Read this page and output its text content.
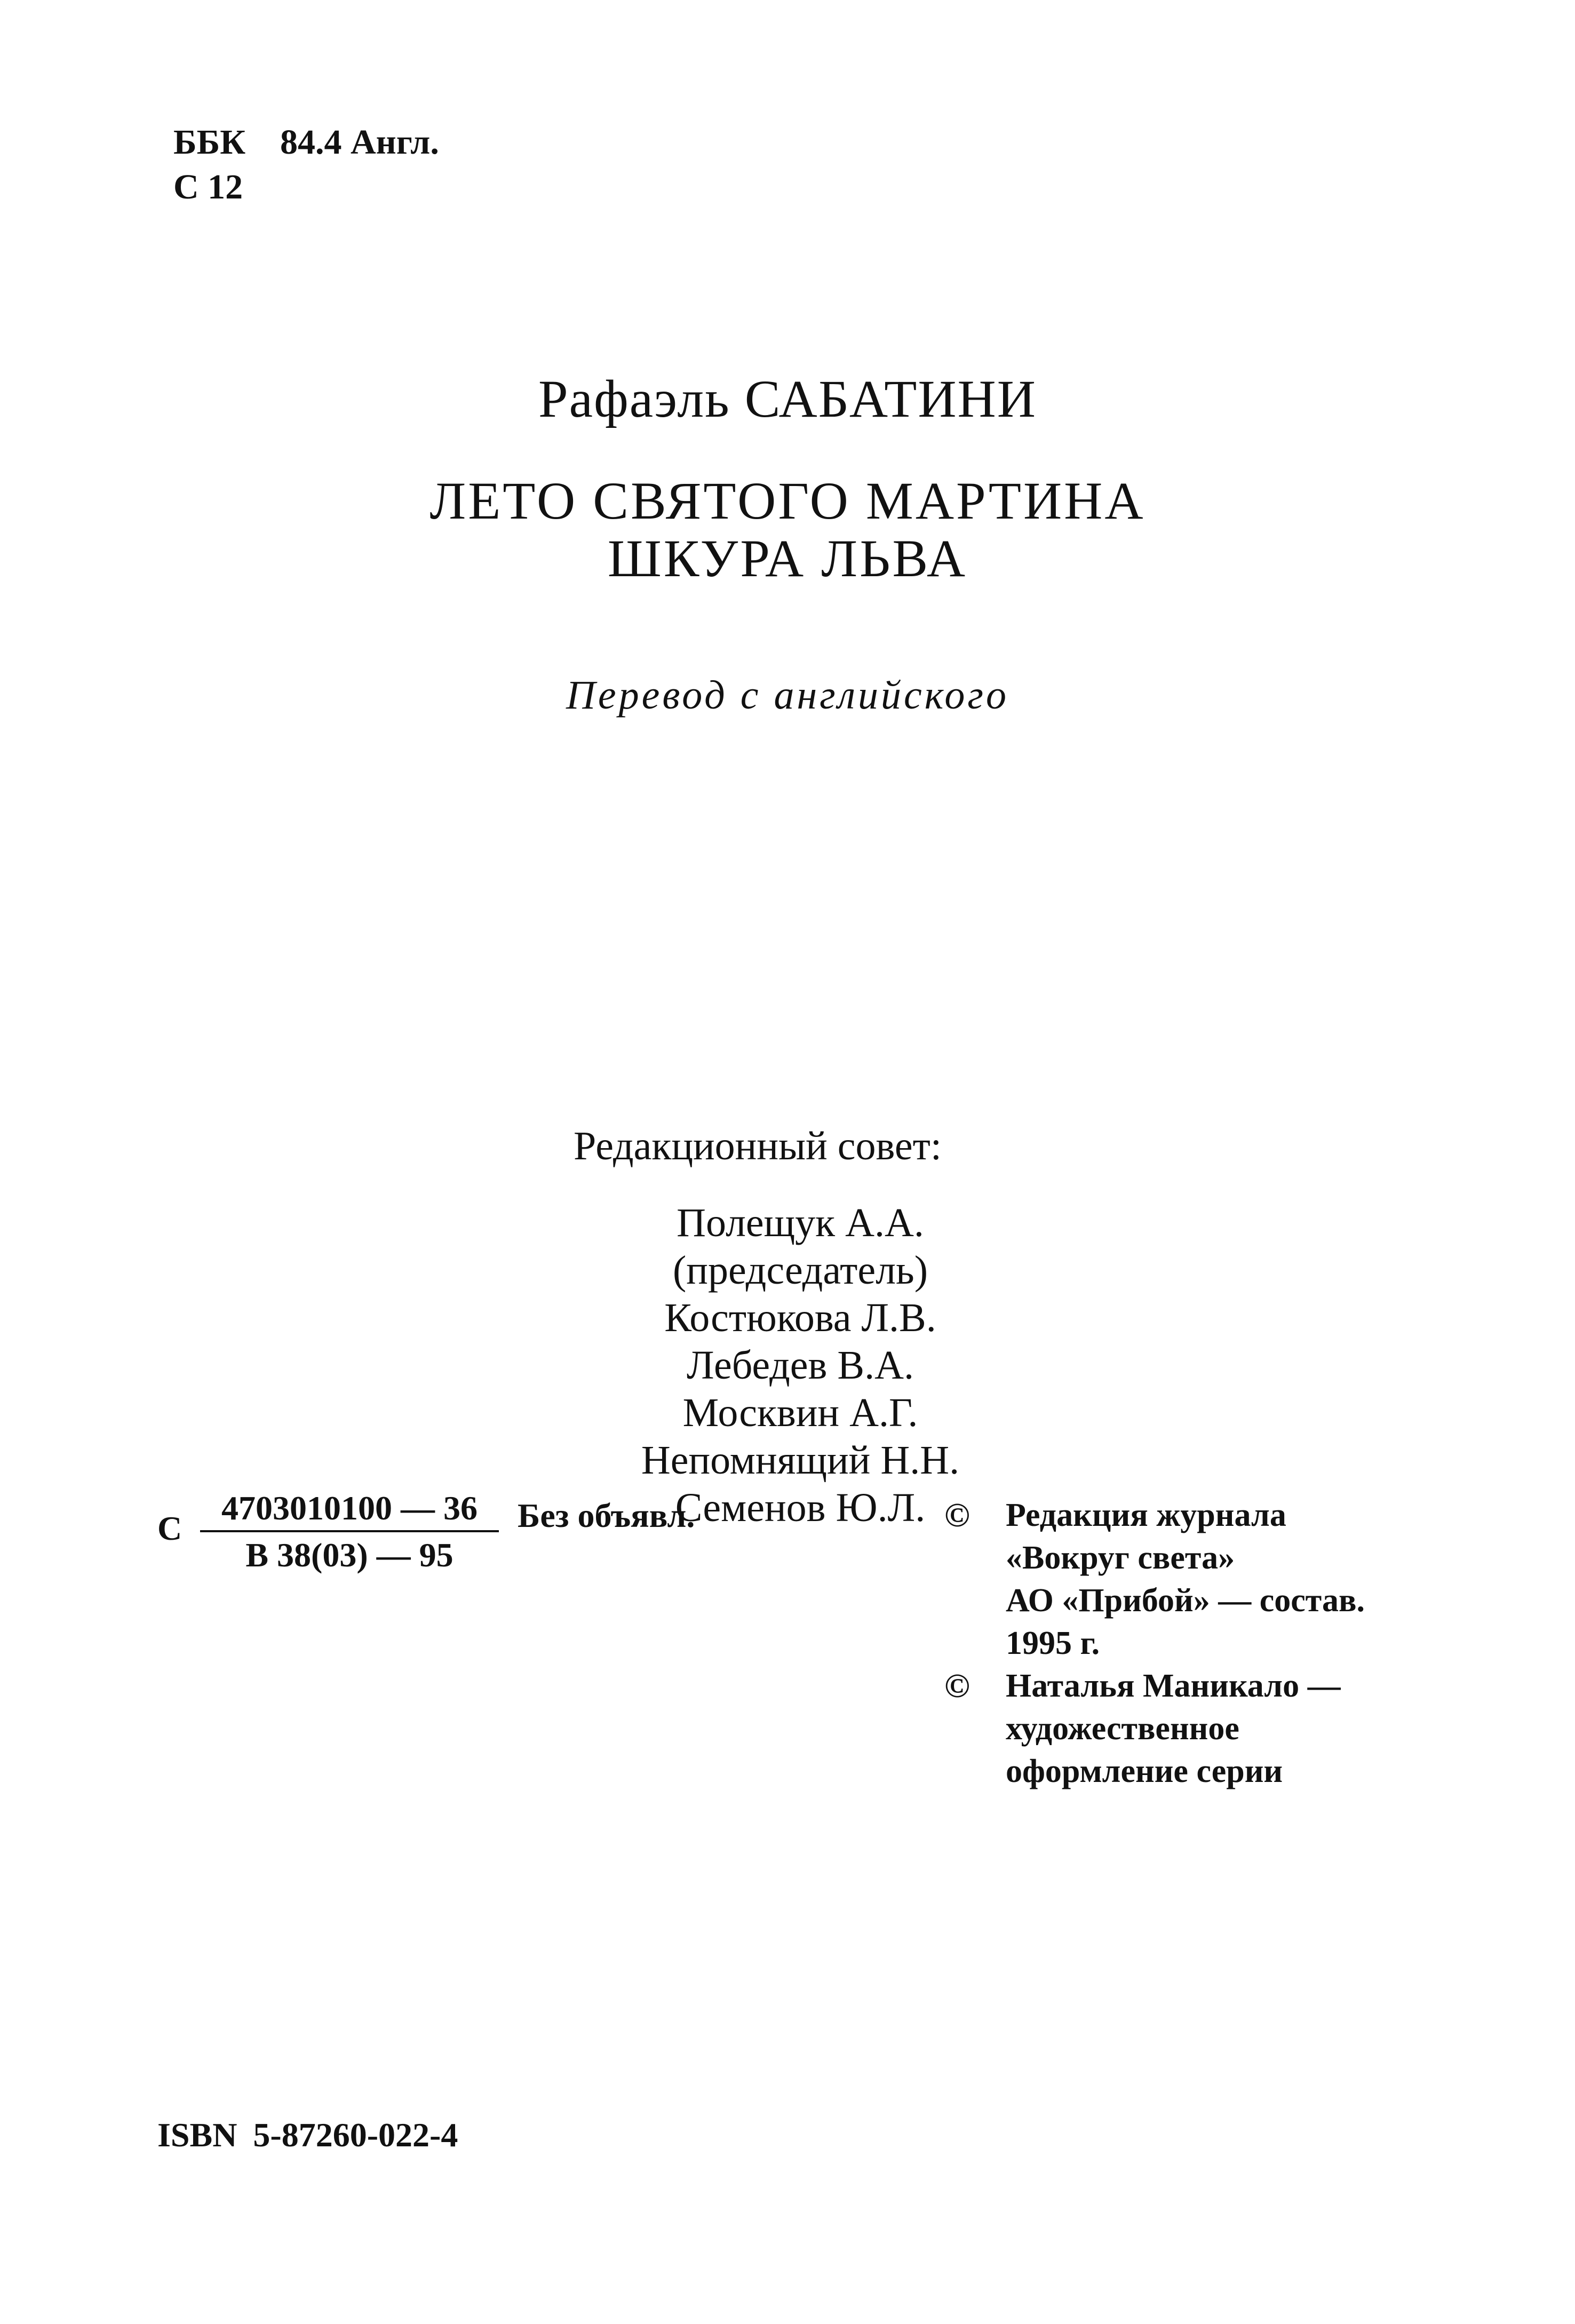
ББК 84.4 Англ.
С 12
Рафаэль САБАТИНИ
ЛЕТО СВЯТОГО МАРТИНА
ШКУРА ЛЬВА
Перевод с английского
Редакционный совет:
Полещук А.А.
(председатель)
Костюкова Л.В.
Лебедев В.А.
Москвин А.Г.
Непомнящий Н.Н.
Семенов Ю.Л.
С
4703010100 — 36
В 38(03) — 95
Без объявл.
ISBN 5-87260-022-4
© Редакция журнала
«Вокруг света»
АО «Прибой» — состав.
1995 г.
© Наталья Маникало —
художественное
оформление серии
